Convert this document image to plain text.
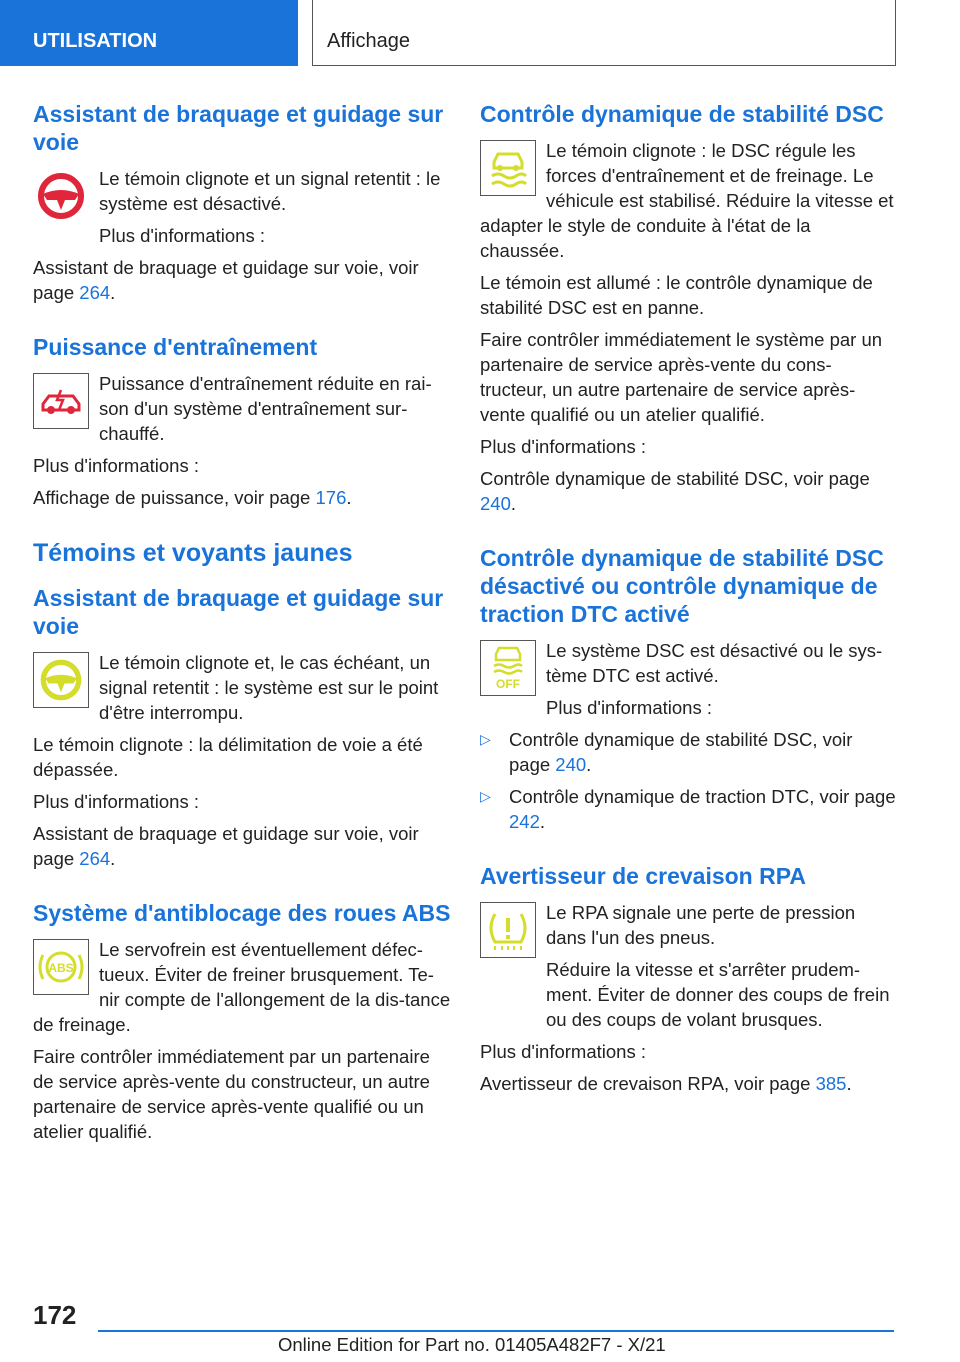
UTILISATION	Affichage
Assistant de braquage et guidage sur voie

Le témoin clignote et un signal retentit : le système est désactivé.

Plus d'informations :

Assistant de braquage et guidage sur voie, voir page 264.

Puissance d'entraînement

Puissance d'entraînement réduite en rai‐son d'un système d'entraînement sur‐chauffé.

Plus d'informations :

Affichage de puissance, voir page 176.

Témoins et voyants jaunes
Assistant de braquage et guidage sur voie

Le témoin clignote et, le cas échéant, un signal retentit : le système est sur le point d'être interrompu.

Le témoin clignote : la délimitation de voie a été dépassée.

Plus d'informations :

Assistant de braquage et guidage sur voie, voir page 264.

Système d'antiblocage des roues ABS
ABS

Le servofrein est éventuellement défec‐tueux. Éviter de freiner brusquement. Te‐nir compte de l'allongement de la dis‐tance de freinage.

Faire contrôler immédiatement par un partenaire de service après-vente du constructeur, un autre partenaire de service après-vente qualifié ou un atelier qualifié.

Contrôle dynamique de stabilité DSC

Le témoin clignote : le DSC régule les forces d'entraînement et de freinage. Le véhicule est stabilisé. Réduire la vitesse et adapter le style de conduite à l'état de la chaussée.

Le témoin est allumé : le contrôle dynamique de stabilité DSC est en panne.

Faire contrôler immédiatement le système par un partenaire de service après-vente du cons‐tructeur, un autre partenaire de service après-vente qualifié ou un atelier qualifié.

Plus d'informations :

Contrôle dynamique de stabilité DSC, voir page 240.

Contrôle dynamique de stabilité DSC désactivé ou contrôle dynamique de traction DTC activé
OFF

Le système DSC est désactivé ou le sys‐tème DTC est activé.

Plus d'informations :

▷ Contrôle dynamique de stabilité DSC, voir page 240.

▷ Contrôle dynamique de traction DTC, voir page 242.

Avertisseur de crevaison RPA

Le RPA signale une perte de pression dans l'un des pneus.

Réduire la vitesse et s'arrêter prudem‐ment. Éviter de donner des coups de frein ou des coups de volant brusques.

Plus d'informations :

Avertisseur de crevaison RPA, voir page 385.

172
Online Edition for Part no. 01405A482F7 - X/21
